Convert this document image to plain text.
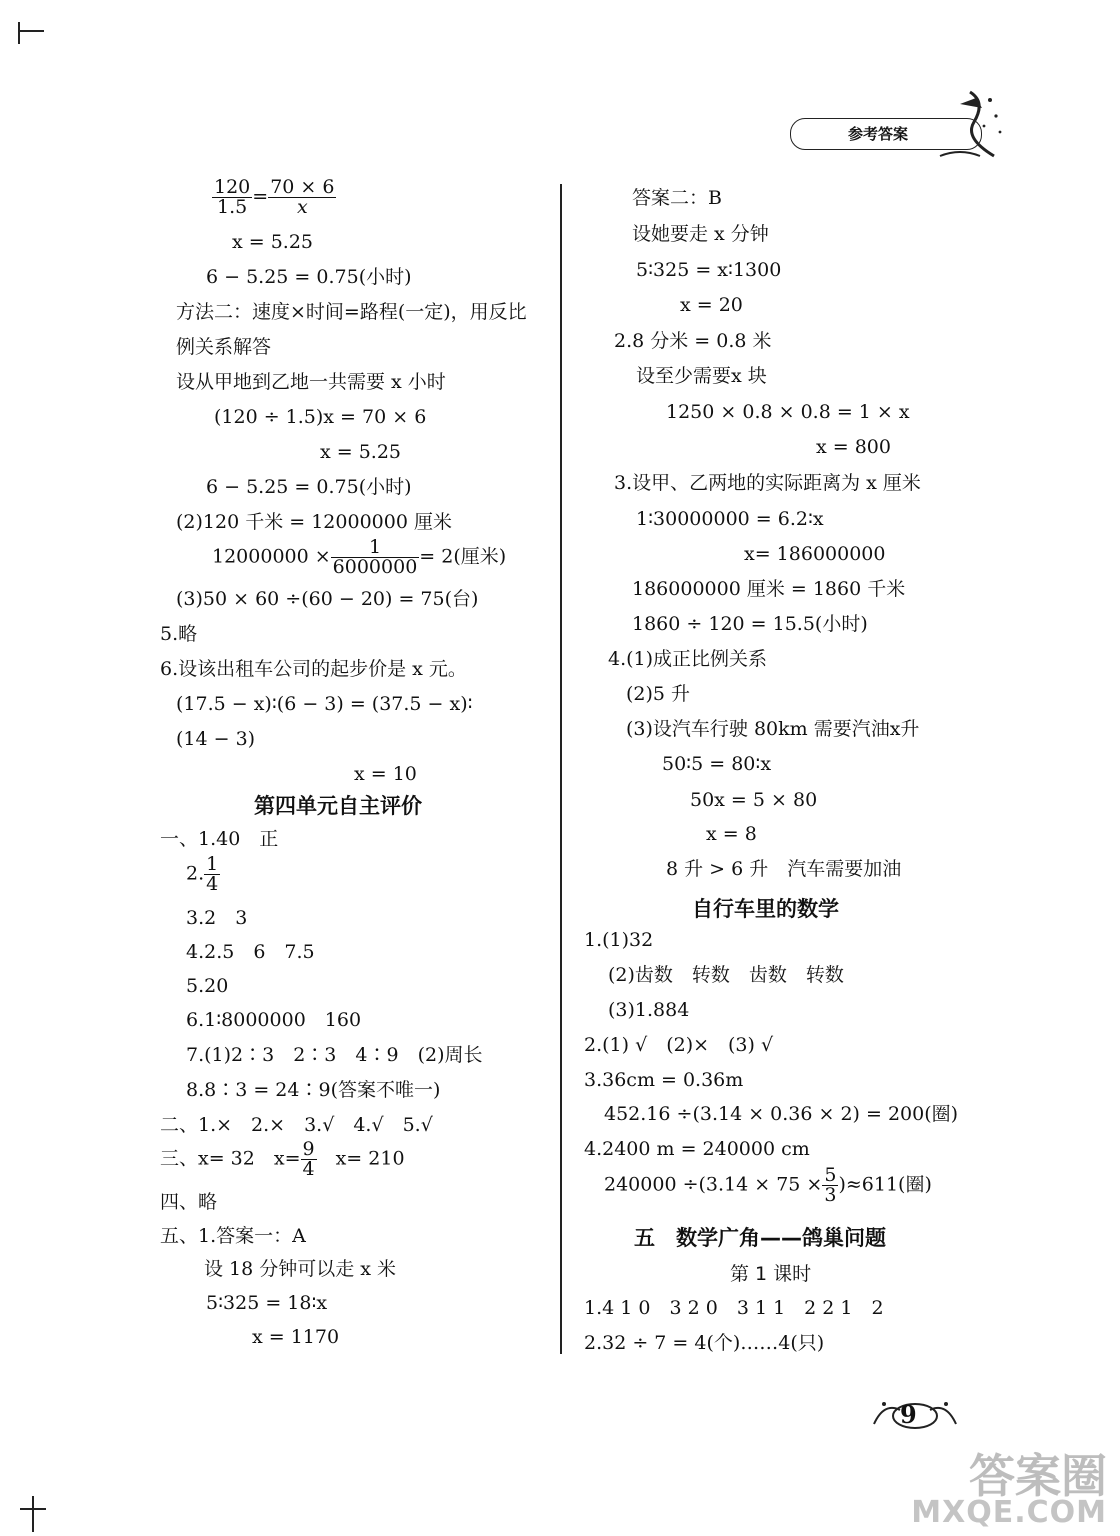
参考答案
$\frac{120}{1.5} = \frac{70 \times 6}{x}$
x = 5.25
6 − 5.25 = 0.75(小时)
方法二：速度×时间=路程(一定)，用反比
例关系解答
设从甲地到乙地一共需要 x 小时
(120 ÷ 1.5)x = 70 × 6
x = 5.25
6 − 5.25 = 0.75(小时)
(2)120 千米 = 12000000 厘米
$12000000 \times \frac{1}{6000000} = 2$(厘米)
(3)50 × 60 ÷(60 − 20) = 75(台)
5.略
6.设该出租车公司的起步价是 x 元。
(17.5 − x)∶(6 − 3) = (37.5 − x)∶
(14 − 3)
x = 10
第四单元自主评价
一、1.40　正
2. $\frac{1}{4}$
3.2　3
4.2.5　6　7.5
5.20
6.1∶8000000　160
7.(1)2∶3　2∶3　4∶9　(2)周长
8.8∶3 = 24∶9(答案不唯一)
二、1.×　2.×　3.√　4.√　5.√
三、x= 32　$x= \frac{9}{4}$ 　x= 210
四、略
五、1.答案一：A
设 18 分钟可以走 x 米
5∶325 = 18∶x
x = 1170
答案二：B
设她要走 x 分钟
5∶325 = x∶1300
x = 20
2.8 分米 = 0.8 米
设至少需要x 块
1250 × 0.8 × 0.8 = 1 × x
x = 800
3.设甲、乙两地的实际距离为 x 厘米
1∶30000000 = 6.2∶x
x= 186000000
186000000 厘米 = 1860 千米
1860 ÷ 120 = 15.5(小时)
4.(1)成正比例关系
(2)5 升
(3)设汽车行驶 80km 需要汽油x升
50∶5 = 80∶x
50x = 5 × 80
x = 8
8 升 > 6 升　汽车需要加油
自行车里的数学
1.(1)32
(2)齿数　转数　齿数　转数
(3)1.884
2.(1) √　(2)×　(3) √
3.36cm = 0.36m
452.16 ÷(3.14 × 0.36 × 2) = 200(圈)
4.2400 m = 240000 cm
$240000 \div(3.14 \times 75 \times \frac{5}{3} )\approx 611$(圈)
五　数学广角——鸽巢问题
第 1 课时
1.4 1 0　3 2 0　3 1 1　2 2 1　2
2.32 ÷ 7 = 4(个)……4(只)
9
答案圈
MXQE.COM
